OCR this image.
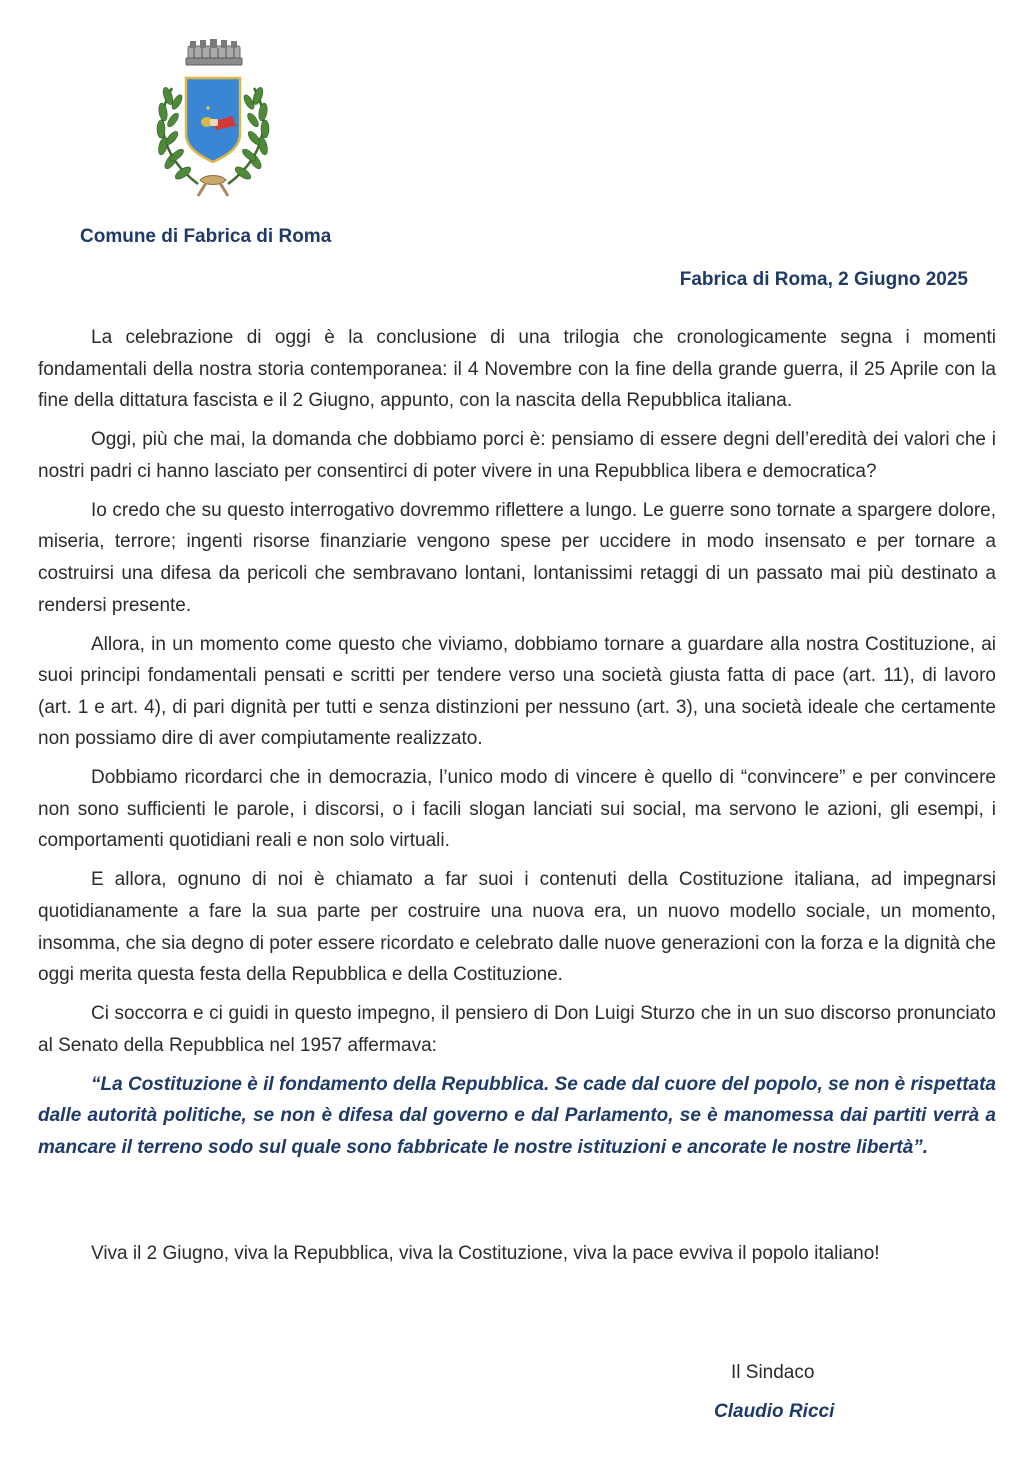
Comune di Fabrica di Roma
Fabrica di Roma, 2 Giugno 2025

La celebrazione di oggi è la conclusione di una trilogia che cronologicamente segna i momenti fondamentali della nostra storia contemporanea: il 4 Novembre con la fine della grande guerra, il 25 Aprile con la fine della dittatura fascista e il 2 Giugno, appunto, con la nascita della Repubblica italiana.

Oggi, più che mai, la domanda che dobbiamo porci è: pensiamo di essere degni dell’eredità dei valori che i nostri padri ci hanno lasciato per consentirci di poter vivere in una Repubblica libera e democratica?

Io credo che su questo interrogativo dovremmo riflettere a lungo. Le guerre sono tornate a spargere dolore, miseria, terrore; ingenti risorse finanziarie vengono spese per uccidere in modo insensato e per tornare a costruirsi una difesa da pericoli che sembravano lontani, lontanissimi retaggi di un passato mai più destinato a rendersi presente.

Allora, in un momento come questo che viviamo, dobbiamo tornare a guardare alla nostra Costituzione, ai suoi principi fondamentali pensati e scritti per tendere verso una società giusta fatta di pace (art. 11), di lavoro (art. 1 e art. 4), di pari dignità per tutti e senza distinzioni per nessuno (art. 3), una società ideale che certamente non possiamo dire di aver compiutamente realizzato.

Dobbiamo ricordarci che in democrazia, l’unico modo di vincere è quello di “convincere” e per convincere non sono sufficienti le parole, i discorsi, o i facili slogan lanciati sui social, ma servono le azioni, gli esempi, i comportamenti quotidiani reali e non solo virtuali.

E allora, ognuno di noi è chiamato a far suoi i contenuti della Costituzione italiana, ad impegnarsi quotidianamente a fare la sua parte per costruire una nuova era, un nuovo modello sociale, un momento, insomma, che sia degno di poter essere ricordato e celebrato dalle nuove generazioni con la forza e la dignità che oggi merita questa festa della Repubblica e della Costituzione.

Ci soccorra e ci guidi in questo impegno, il pensiero di Don Luigi Sturzo che in un suo discorso pronunciato al Senato della Repubblica nel 1957 affermava:

“La Costituzione è il fondamento della Repubblica. Se cade dal cuore del popolo, se non è rispettata dalle autorità politiche, se non è difesa dal governo e dal Parlamento, se è manomessa dai partiti verrà a mancare il terreno sodo sul quale sono fabbricate le nostre istituzioni e ancorate le nostre libertà”.

Viva il 2 Giugno, viva la Repubblica, viva la Costituzione, viva la pace evviva il popolo italiano!
Il Sindaco
Claudio Ricci
